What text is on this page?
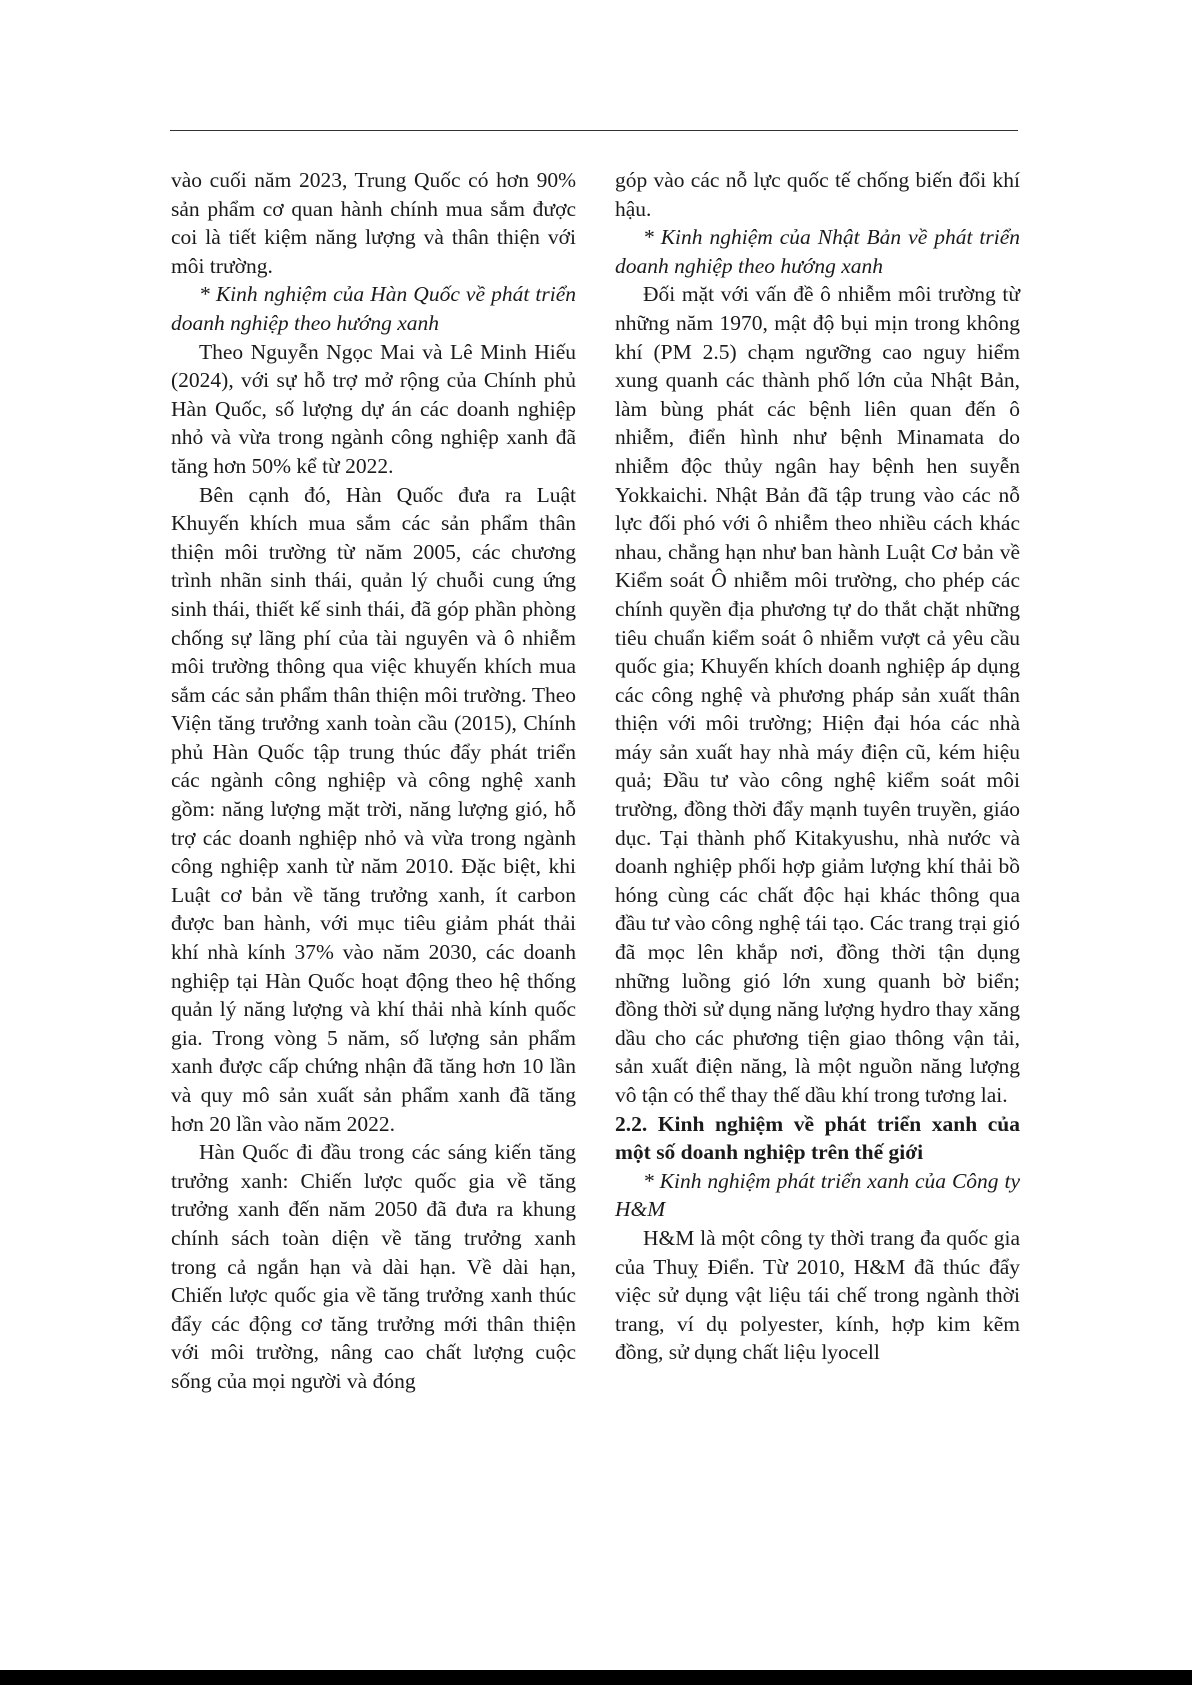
vào cuối năm 2023, Trung Quốc có hơn 90% sản phẩm cơ quan hành chính mua sắm được coi là tiết kiệm năng lượng và thân thiện với môi trường.

* Kinh nghiệm của Hàn Quốc về phát triển doanh nghiệp theo hướng xanh

Theo Nguyễn Ngọc Mai và Lê Minh Hiếu (2024), với sự hỗ trợ mở rộng của Chính phủ Hàn Quốc, số lượng dự án các doanh nghiệp nhỏ và vừa trong ngành công nghiệp xanh đã tăng hơn 50% kể từ 2022.

Bên cạnh đó, Hàn Quốc đưa ra Luật Khuyến khích mua sắm các sản phẩm thân thiện môi trường từ năm 2005, các chương trình nhãn sinh thái, quản lý chuỗi cung ứng sinh thái, thiết kế sinh thái, đã góp phần phòng chống sự lãng phí của tài nguyên và ô nhiễm môi trường thông qua việc khuyến khích mua sắm các sản phẩm thân thiện môi trường. Theo Viện tăng trưởng xanh toàn cầu (2015), Chính phủ Hàn Quốc tập trung thúc đẩy phát triển các ngành công nghiệp và công nghệ xanh gồm: năng lượng mặt trời, năng lượng gió, hỗ trợ các doanh nghiệp nhỏ và vừa trong ngành công nghiệp xanh từ năm 2010. Đặc biệt, khi Luật cơ bản về tăng trưởng xanh, ít carbon được ban hành, với mục tiêu giảm phát thải khí nhà kính 37% vào năm 2030, các doanh nghiệp tại Hàn Quốc hoạt động theo hệ thống quản lý năng lượng và khí thải nhà kính quốc gia. Trong vòng 5 năm, số lượng sản phẩm xanh được cấp chứng nhận đã tăng hơn 10 lần và quy mô sản xuất sản phẩm xanh đã tăng hơn 20 lần vào năm 2022.

Hàn Quốc đi đầu trong các sáng kiến tăng trưởng xanh: Chiến lược quốc gia về tăng trưởng xanh đến năm 2050 đã đưa ra khung chính sách toàn diện về tăng trưởng xanh trong cả ngắn hạn và dài hạn. Về dài hạn, Chiến lược quốc gia về tăng trưởng xanh thúc đẩy các động cơ tăng trưởng mới thân thiện với môi trường, nâng cao chất lượng cuộc sống của mọi người và đóng

góp vào các nỗ lực quốc tế chống biến đổi khí hậu.

* Kinh nghiệm của Nhật Bản về phát triển doanh nghiệp theo hướng xanh

Đối mặt với vấn đề ô nhiễm môi trường từ những năm 1970, mật độ bụi mịn trong không khí (PM 2.5) chạm ngưỡng cao nguy hiểm xung quanh các thành phố lớn của Nhật Bản, làm bùng phát các bệnh liên quan đến ô nhiễm, điển hình như bệnh Minamata do nhiễm độc thủy ngân hay bệnh hen suyễn Yokkaichi. Nhật Bản đã tập trung vào các nỗ lực đối phó với ô nhiễm theo nhiều cách khác nhau, chẳng hạn như ban hành Luật Cơ bản về Kiểm soát Ô nhiễm môi trường, cho phép các chính quyền địa phương tự do thắt chặt những tiêu chuẩn kiểm soát ô nhiễm vượt cả yêu cầu quốc gia; Khuyến khích doanh nghiệp áp dụng các công nghệ và phương pháp sản xuất thân thiện với môi trường; Hiện đại hóa các nhà máy sản xuất hay nhà máy điện cũ, kém hiệu quả; Đầu tư vào công nghệ kiểm soát môi trường, đồng thời đẩy mạnh tuyên truyền, giáo dục. Tại thành phố Kitakyushu, nhà nước và doanh nghiệp phối hợp giảm lượng khí thải bồ hóng cùng các chất độc hại khác thông qua đầu tư vào công nghệ tái tạo. Các trang trại gió đã mọc lên khắp nơi, đồng thời tận dụng những luồng gió lớn xung quanh bờ biển; đồng thời sử dụng năng lượng hydro thay xăng dầu cho các phương tiện giao thông vận tải, sản xuất điện năng, là một nguồn năng lượng vô tận có thể thay thế dầu khí trong tương lai.

2.2. Kinh nghiệm về phát triển xanh của một số doanh nghiệp trên thế giới

* Kinh nghiệm phát triển xanh của Công ty H&M

H&M là một công ty thời trang đa quốc gia của Thuỵ Điển. Từ 2010, H&M đã thúc đẩy việc sử dụng vật liệu tái chế trong ngành thời trang, ví dụ polyester, kính, hợp kim kẽm đồng, sử dụng chất liệu lyocell
